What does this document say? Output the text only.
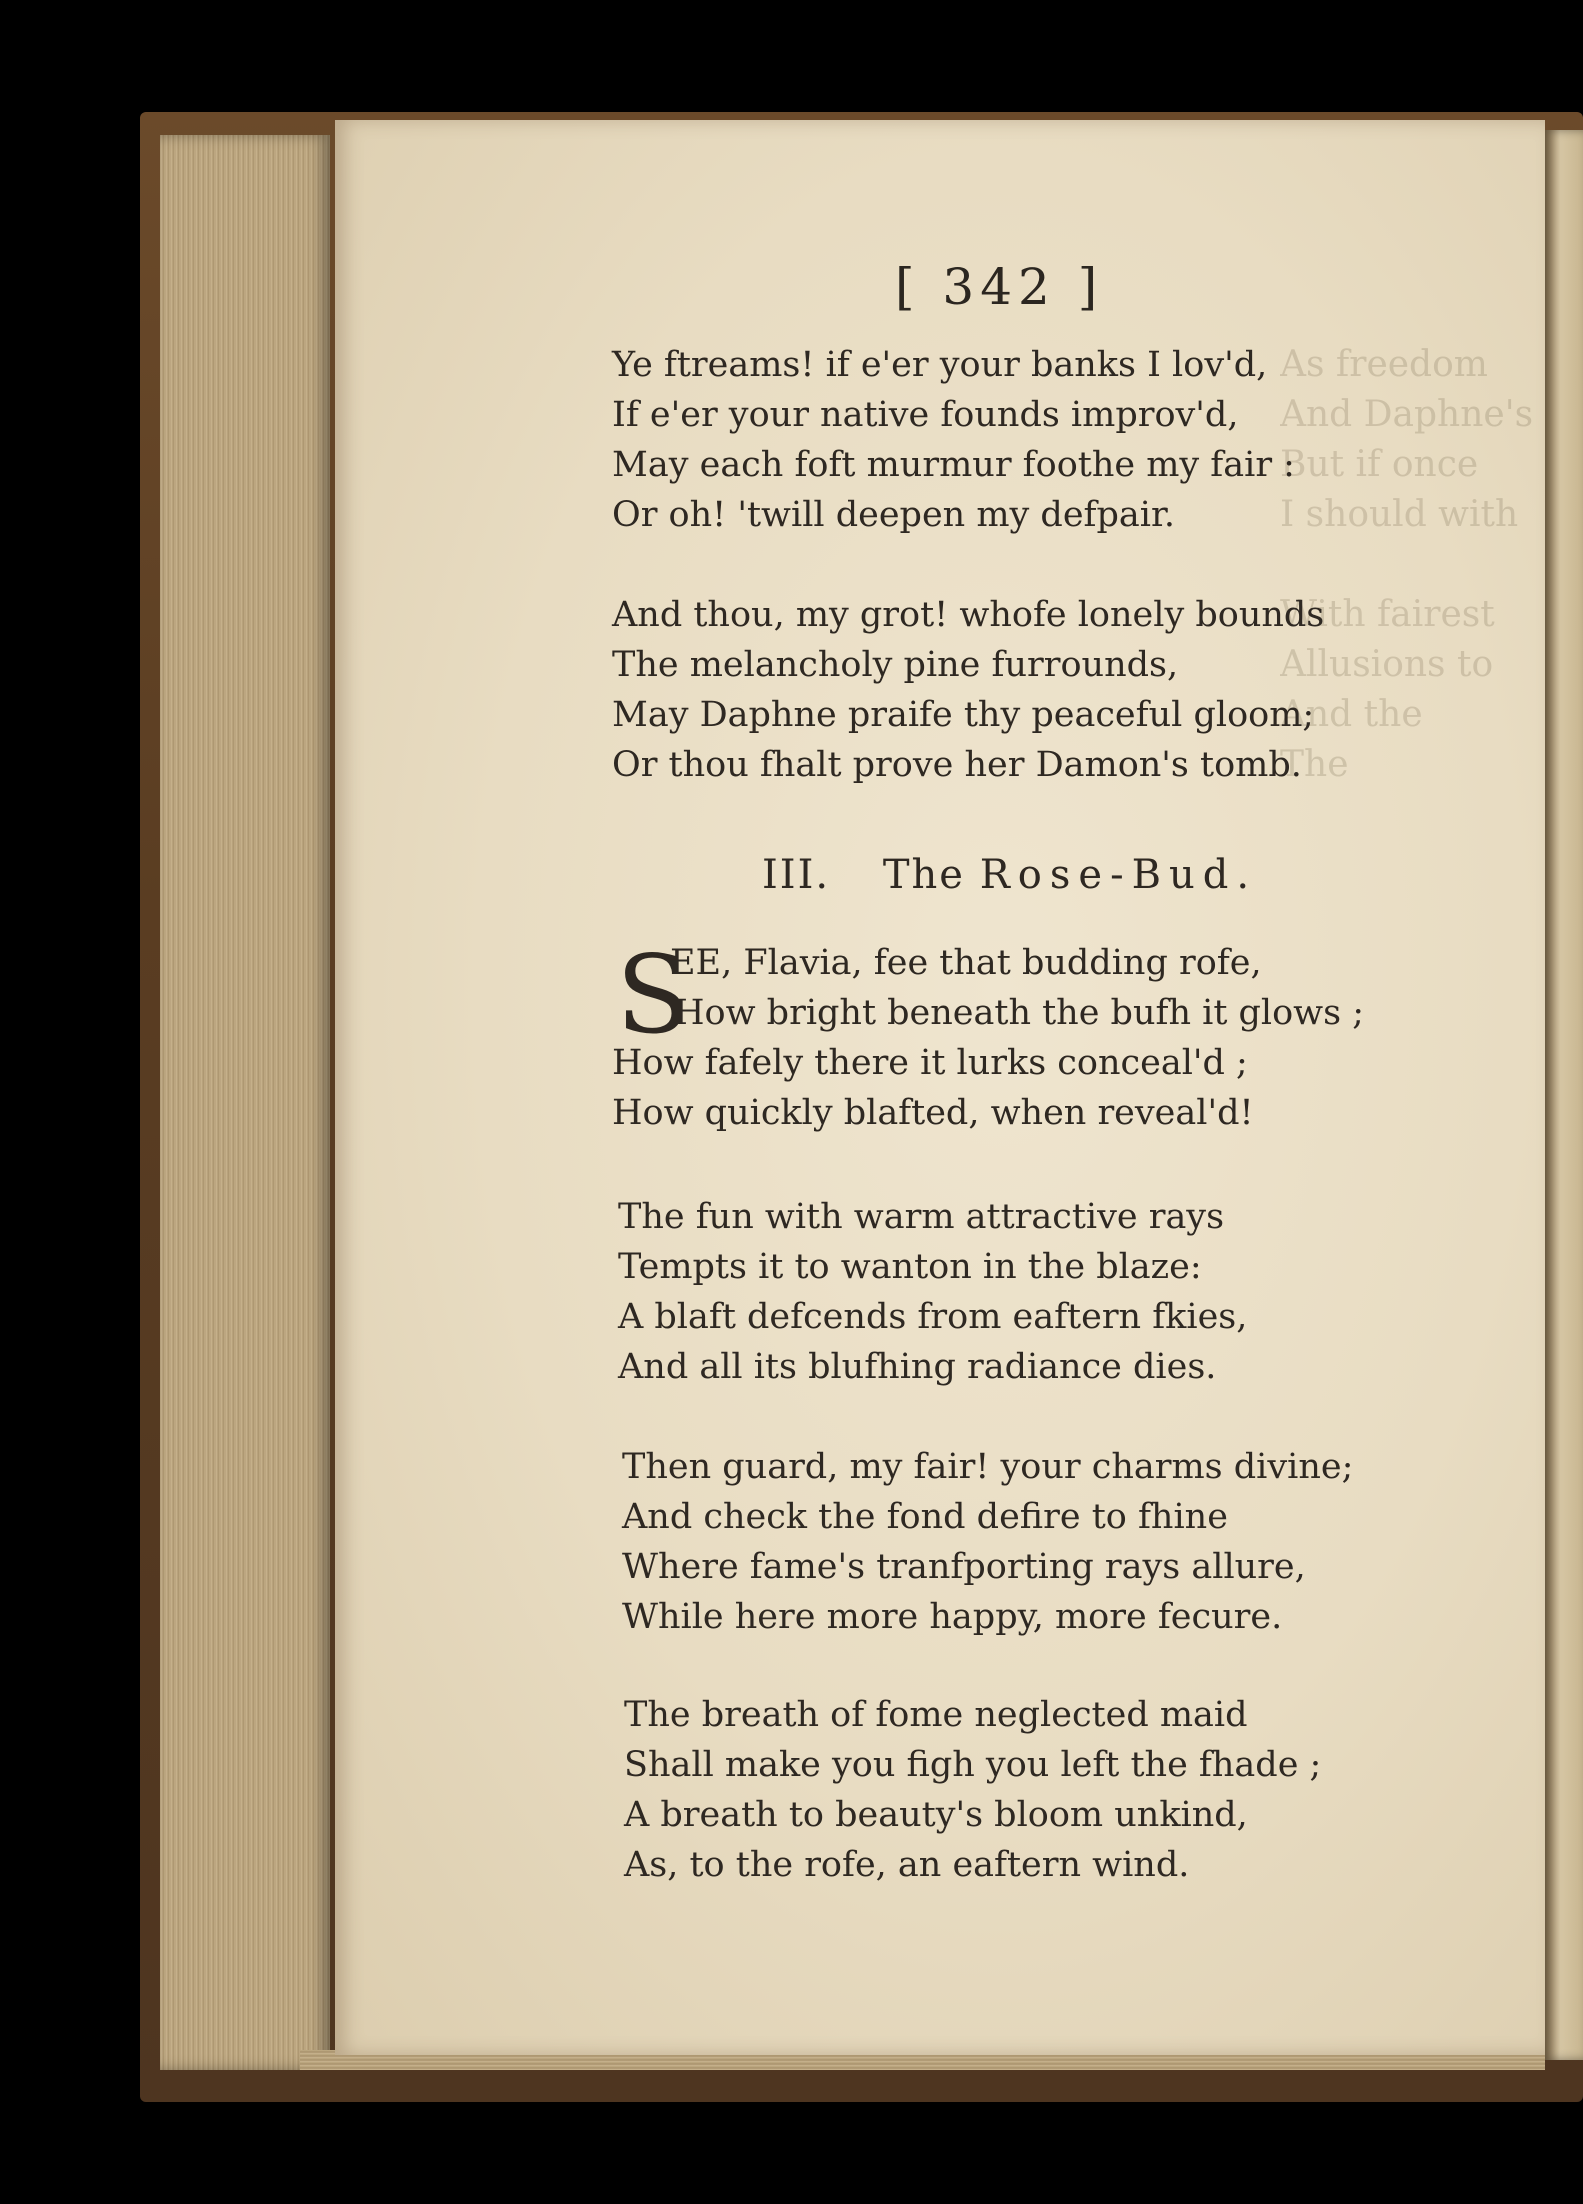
As freedom
And Daphne's
But if once
I should with

With fairest
Allusions to
And the
The
[ 342 ]
Ye ftreams! if e'er your banks I lov'd,
If e'er your native founds improv'd,
May each foft murmur foothe my fair :
Or oh! 'twill deepen my defpair.
And thou, my grot! whofe lonely bounds
The melancholy pine furrounds,
May Daphne praife thy peaceful gloom;
Or thou fhalt prove her Damon's tomb.
III. The Rose-Bud.
S
EE, Flavia, fee that budding rofe,
How bright beneath the bufh it glows ;
How fafely there it lurks conceal'd ;
How quickly blafted, when reveal'd!
The fun with warm attractive rays
Tempts it to wanton in the blaze:
A blaft defcends from eaftern fkies,
And all its blufhing radiance dies.
Then guard, my fair! your charms divine;
And check the fond defire to fhine
Where fame's tranfporting rays allure,
While here more happy, more fecure.
The breath of fome neglected maid
Shall make you figh you left the fhade ;
A breath to beauty's bloom unkind,
As, to the rofe, an eaftern wind.
